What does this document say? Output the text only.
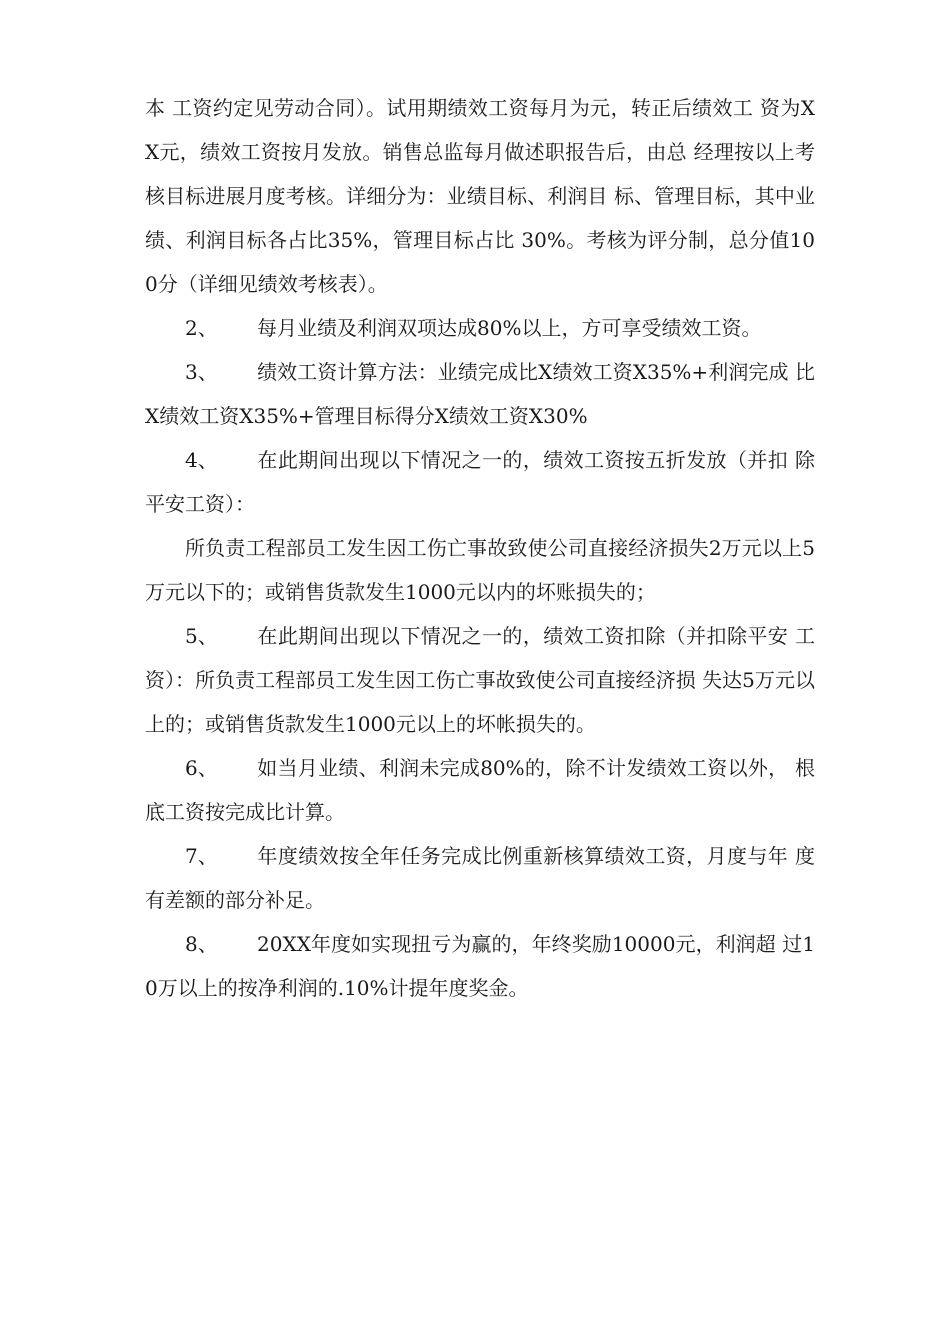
本 工资约定见劳动合同）。试用期绩效工资每月为元，转正后绩效工 资为XX元，绩效工资按月发放。销售总监每月做述职报告后，由总 经理按以上考核目标进展月度考核。详细分为：业绩目标、利润目 标、管理目标，其中业绩、利润目标各占比35%，管理目标占比 30%。考核为评分制，总分值100分（详细见绩效考核表）。

2、 每月业绩及利润双项达成80%以上，方可享受绩效工资。

3、 绩效工资计算方法：业绩完成比X绩效工资X35%+利润完成 比X绩效工资X35%+管理目标得分X绩效工资X30%

4、 在此期间出现以下情况之一的，绩效工资按五折发放（并扣 除平安工资）：

所负责工程部员工发生因工伤亡事故致使公司直接经济损失2万元以上5万元以下的；或销售货款发生1000元以内的坏账损失的；

5、 在此期间出现以下情况之一的，绩效工资扣除（并扣除平安 工资）：所负责工程部员工发生因工伤亡事故致使公司直接经济损 失达5万元以上的；或销售货款发生1000元以上的坏帐损失的。

6、 如当月业绩、利润未完成80%的，除不计发绩效工资以外， 根底工资按完成比计算。

7、 年度绩效按全年任务完成比例重新核算绩效工资，月度与年 度有差额的部分补足。

8、 20XX年度如实现扭亏为赢的，年终奖励10000元，利润超 过10万以上的按净利润的.10%计提年度奖金。
